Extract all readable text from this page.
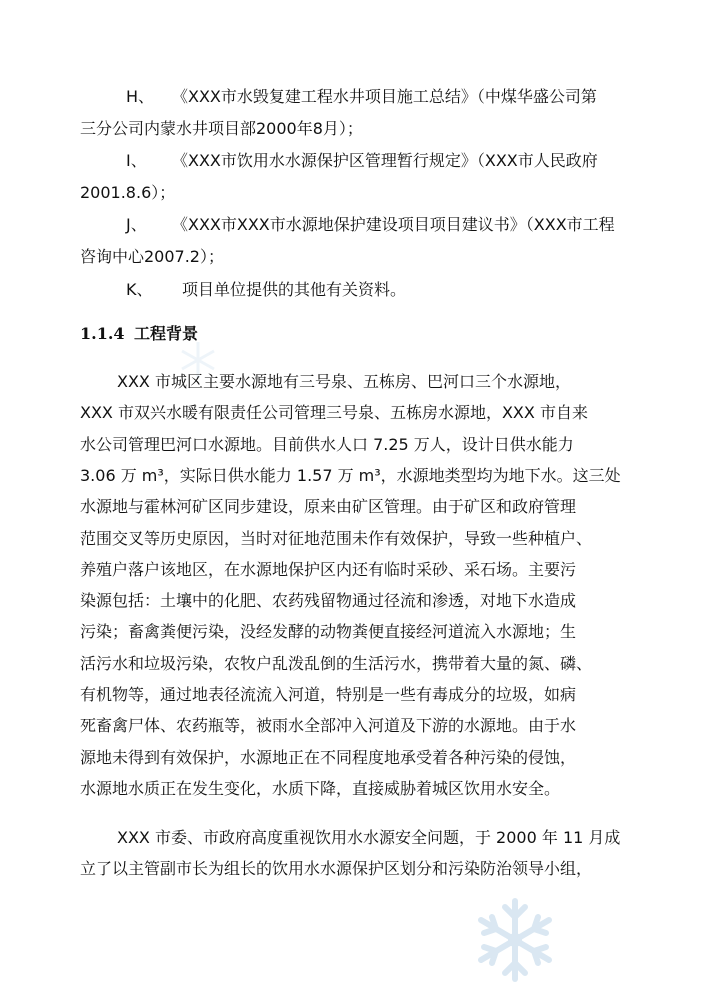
H、 《XXX市水毁复建工程水井项目施工总结》（中煤华盛公司第
三分公司内蒙水井项目部2000年8月）；
I、 《XXX市饮用水水源保护区管理暂行规定》（XXX市人民政府
2001.8.6）；
J、 《XXX市XXX市水源地保护建设项目项目建议书》（XXX市工程
咨询中心2007.2）；
K、 项目单位提供的其他有关资料。
1.1.4 工程背景
XXX 市城区主要水源地有三号泉、五栋房、巴河口三个水源地，
XXX 市双兴水暖有限责任公司管理三号泉、五栋房水源地，XXX 市自来
水公司管理巴河口水源地。目前供水人口 7.25 万人，设计日供水能力
3.06 万 m³，实际日供水能力 1.57 万 m³，水源地类型均为地下水。这三处
水源地与霍林河矿区同步建设，原来由矿区管理。由于矿区和政府管理
范围交叉等历史原因，当时对征地范围未作有效保护，导致一些种植户、
养殖户落户该地区，在水源地保护区内还有临时采砂、采石场。主要污
染源包括：土壤中的化肥、农药残留物通过径流和渗透，对地下水造成
污染；畜禽粪便污染，没经发酵的动物粪便直接经河道流入水源地；生
活污水和垃圾污染，农牧户乱泼乱倒的生活污水，携带着大量的氮、磷、
有机物等，通过地表径流流入河道，特别是一些有毒成分的垃圾，如病
死畜禽尸体、农药瓶等，被雨水全部冲入河道及下游的水源地。由于水
源地未得到有效保护，水源地正在不同程度地承受着各种污染的侵蚀，
水源地水质正在发生变化，水质下降，直接威胁着城区饮用水安全。
XXX 市委、市政府高度重视饮用水水源安全问题，于 2000 年 11 月成
立了以主管副市长为组长的饮用水水源保护区划分和污染防治领导小组，
